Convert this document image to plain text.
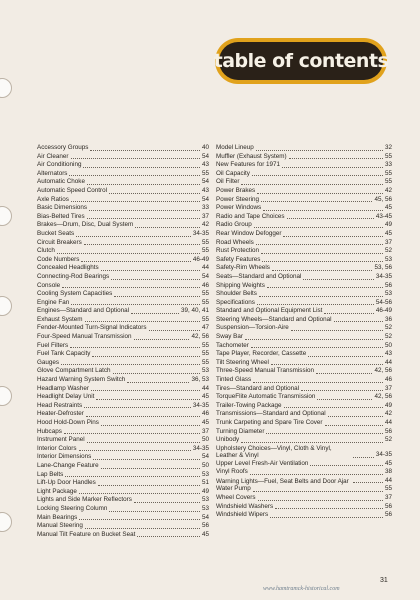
table of contents
Accessory Groups	40
Air Cleaner	54
Air Conditioning	43
Alternators	55
Automatic Choke	54
Automatic Speed Control	43
Axle Ratios	54
Basic Dimensions	33
Bias-Belted Tires	37
Brakes—Drum, Disc, Dual System	42
Bucket Seats	34-35
Circuit Breakers	55
Clutch	55
Code Numbers	46-49
Concealed Headlights	44
Connecting-Rod Bearings	54
Console	46
Cooling System Capacities	55
Engine Fan	55
Engines—Standard and Optional	39, 40, 41
Exhaust System	55
Fender-Mounted Turn-Signal Indicators	47
Four-Speed Manual Transmission	42, 56
Fuel Filters	55
Fuel Tank Capacity	55
Gauges	55
Glove Compartment Latch	53
Hazard Warning System Switch	36, 53
Headlamp Washer	44
Headlight Delay Unit	45
Head Restraints	34-35
Heater-Defroster	46
Hood Hold-Down Pins	45
Hubcaps	37
Instrument Panel	50
Interior Colors	34-35
Interior Dimensions	54
Lane-Change Feature	50
Lap Belts	53
Lift-Up Door Handles	51
Light Package	49
Lights and Side Marker Reflectors	53
Locking Steering Column	53
Main Bearings	54
Manual Steering	56
Manual Tilt Feature on Bucket Seat	45
Model Lineup	32
Muffler (Exhaust System)	55
New Features for 1971	33
Oil Capacity	55
Oil Filter	55
Power Brakes	42
Power Steering	45, 56
Power Windows	45
Radio and Tape Choices	43-45
Radio Group	49
Rear Window Defogger	45
Road Wheels	37
Rust Protection	52
Safety Features	53
Safety-Rim Wheels	53, 56
Seats—Standard and Optional	34-35
Shipping Weights	56
Shoulder Belts	53
Specifications	54-56
Standard and Optional Equipment List	46-49
Steering Wheels—Standard and Optional	36
Suspension—Torsion-Aire	52
Sway Bar	52
Tachometer	50
Tape Player, Recorder, Cassette	43
Tilt Steering Wheel	44
Three-Speed Manual Transmission	42, 56
Tinted Glass	46
Tires—Standard and Optional	37
TorqueFlite Automatic Transmission	42, 56
Trailer-Towing Package	49
Transmissions—Standard and Optional	42
Trunk Carpeting and Spare Tire Cover	44
Turning Diameter	56
Unibody	52
Upholstery Choices—Vinyl, Cloth & Vinyl, Leather & Vinyl	34-35
Upper Level Fresh-Air Ventilation	45
Vinyl Roofs	38
Warning Lights—Fuel, Seat Belts and Door Ajar	44
Water Pump	55
Wheel Covers	37
Windshield Washers	56
Windshield Wipers	56
31
www.hamtramck-historical.com
